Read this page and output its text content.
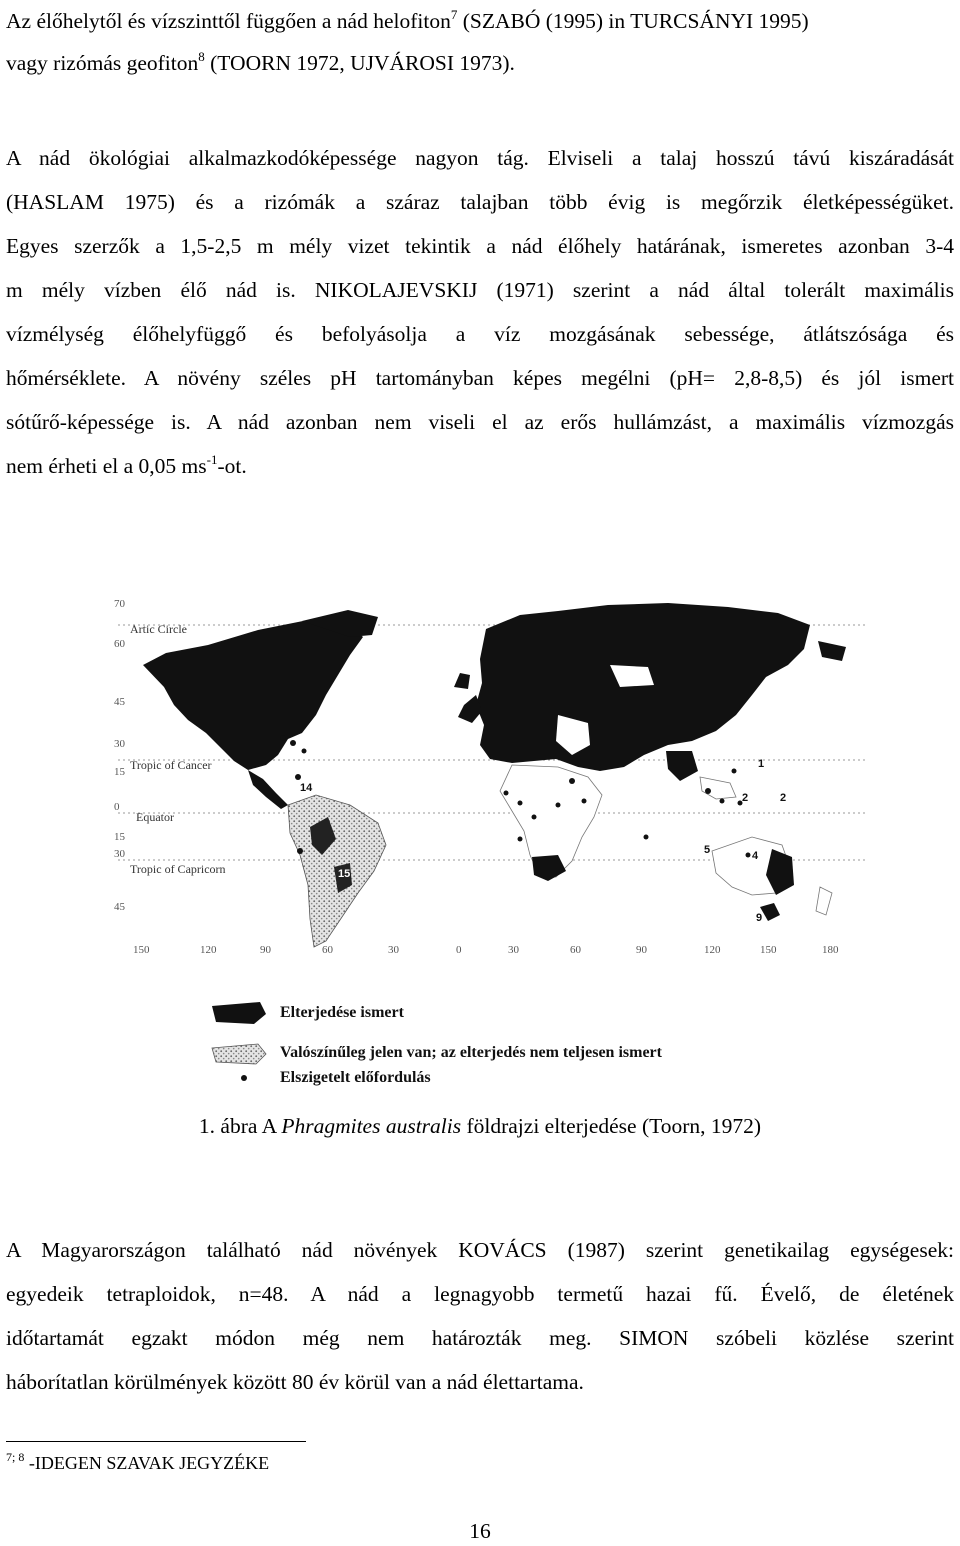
Az élőhelytől és vízszinttől függően a nád helofiton$^7$ (SZABÓ (1995) in TURCSÁNYI 1995)
vagy rizómás geofiton$^8$ (TOORN 1972, UJVÁROSI 1973).
A nád ökológiai alkalmazkodóképessége nagyon tág. Elviseli a talaj hosszú távú kiszáradását
(HASLAM 1975) és a rizómák a száraz talajban több évig is megőrzik életképességüket.
Egyes szerzők a 1,5-2,5 m mély vizet tekintik a nád élőhely határának, ismeretes azonban 3-4
m mély vízben élő nád is. NIKOLAJEVSKIJ (1971) szerint a nád által tolerált maximális
vízmélység élőhelyfüggő és befolyásolja a víz mozgásának sebessége, átlátszósága és
hőmérséklete. A növény széles pH tartományban képes megélni (pH= 2,8-8,5) és jól ismert
sótűrő-képessége is. A nád azonban nem viseli el az erős hullámzást, a maximális vízmozgás
nem érheti el a 0,05 $ms^{-1}-ot$.
70
60
45
30
15
0
15
30
45
Artic Circle
Tropic of Cancer
Equator
Tropic of Capricorn
14
15
1
2	2
3
9
5	4
150	120	90	60	30	0	30	60	90	120	150	180
Elterjedése ismert
Valószínűleg jelen van; az elterjedés nem teljesen ismert
Elszigetelt előfordulás
1. ábra A Phragmites australis földrajzi elterjedése (Toorn, 1972)
A Magyarországon található nád növények KOVÁCS (1987) szerint genetikailag egységesek:
egyedeik tetraploidok, n=48. A nád a legnagyobb termetű hazai fű. Évelő, de életének
időtartamát egzakt módon még nem határozták meg. SIMON szóbeli közlése szerint
háborítatlan körülmények között 80 év körül van a nád élettartama.
$^{7; 8}$ -IDEGEN SZAVAK JEGYZÉKE
16
